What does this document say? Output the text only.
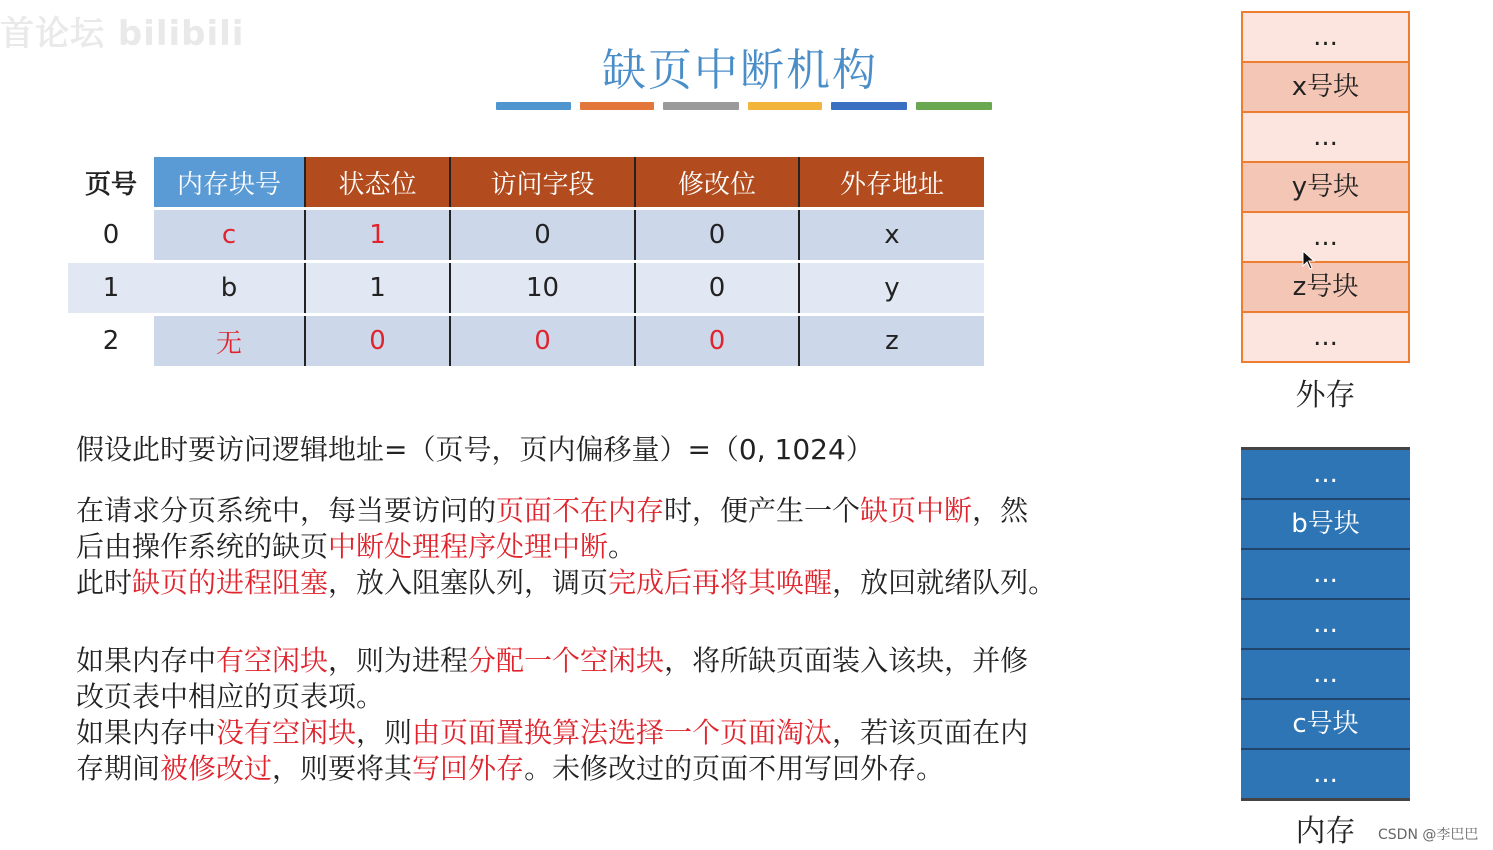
首论坛 bilibili
缺页中断机构
页号	内存块号	状态位	访问字段	修改位	外存地址
0	c	1	0	0	x
1	b	1	10	0	y
2	无	0	0	0	z
假设此时要访问逻辑地址=（页号，页内偏移量）=（0, 1024）
在请求分页系统中，每当要访问的页面不在内存时，便产生一个缺页中断，然
后由操作系统的缺页中断处理程序处理中断。
此时缺页的进程阻塞，放入阻塞队列，调页完成后再将其唤醒，放回就绪队列。
如果内存中有空闲块，则为进程分配一个空闲块，将所缺页面装入该块，并修
改页表中相应的页表项。
如果内存中没有空闲块，则由页面置换算法选择一个页面淘汰，若该页面在内
存期间被修改过，则要将其写回外存。未修改过的页面不用写回外存。
...
x号块
...
y号块
...
z号块
...
外存
...
b号块
...
...
...
c号块
...
内存	CSDN @李巴巴
